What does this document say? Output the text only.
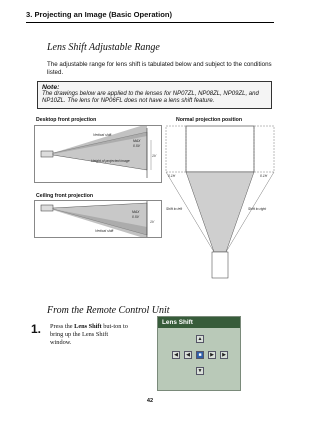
3. Projecting an Image (Basic Operation)
Lens Shift Adjustable Range
The adjustable range for lens shift is tabulated below and subject to the conditions listed.
Note:
The drawings below are applied to the lenses for NP07ZL, NP08ZL, NP09ZL, and
NP10ZL. The lens for NP06FL does not have a lens shift feature.
Desktop front projection
Vertical shift
MAX
0.5V
1V
Height of projected image
Ceiling front projection
MAX
0.5V
1V
Vertical shift
Normal projection position
0.1H	0.1H
Shift to left	Shift to right
From the Remote Control Unit
1. Press the Lens Shift but-ton to bring up the Lens Shift window.
Lens Shift
▲
◀	◀	■	▶	▶
▼
42
